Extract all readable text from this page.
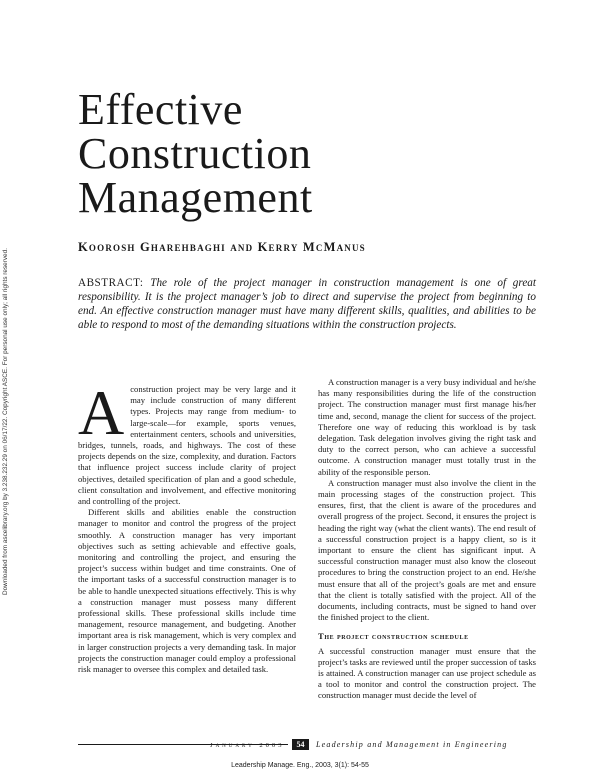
Effective
Construction
Management
Koorosh Gharehbaghi and Kerry McManus

ABSTRACT: The role of the project manager in construction management is one of great responsibility. It is the project manager’s job to direct and supervise the project from beginning to end. An effective construction manager must have many different skills, qualities, and abilities to be able to respond to most of the demanding situations within the construction projects.

Aconstruction project may be very large and it may include construction of many different types. Projects may range from medium- to large-scale—for example, sports venues, entertainment centers, schools and universities, bridges, tunnels, roads, and highways. The cost of these projects depends on the size, complexity, and duration. Factors that influence project success include clarity of project objectives, detailed specification of plan and a good schedule, client consultation and involvement, and effective monitoring and controlling of the project.

Different skills and abilities enable the construction manager to monitor and control the progress of the project smoothly. A construction manager has very important objectives such as setting achievable and effective goals, monitoring and controlling the project, and ensuring the project’s success within budget and time constraints. One of the important tasks of a successful construction manager is to be able to handle unexpected situations effectively. This is why a construction manager must possess many different professional skills. These professional skills include time management, resource management, and budgeting. Another important area is risk management, which is very complex and in larger construction projects a very demanding task. In major projects the construction manager could employ a professional risk manager to oversee this complex and detailed task.

A construction manager is a very busy individual and he/she has many responsibilities during the life of the construction project. The construction manager must first manage his/her time and, second, manage the client for success of the project. Therefore one way of reducing this workload is by task delegation. Task delegation involves giving the right task and duty to the correct person, who can achieve a successful outcome. A construction manager must totally trust in the ability of the responsible person.

A construction manager must also involve the client in the main processing stages of the construction project. This ensures, first, that the client is aware of the procedures and overall progress of the project. Second, it ensures the project is heading the right way (what the client wants). The end result of a successful construction project is a happy client, so is it important to ensure the client has significant input. A successful construction manager must also know the closeout procedures to bring the construction project to an end. He/she must ensure that all of the project’s goals are met and ensure that the client is totally satisfied with the project. All of the documents, including contracts, must be signed to hand over the finished project to the client.

The project construction schedule

A successful construction manager must ensure that the project’s tasks are reviewed until the proper succession of tasks is attained. A construction manager can use project schedule as a tool to monitor and control the construction project. The construction manager must decide the level of

Downloaded from ascelibrary.org by 3.238.232.29 on 06/17/22. Copyright ASCE. For personal use only; all rights reserved.
January 2003	54	Leadership and Management in Engineering
Leadership Manage. Eng., 2003, 3(1): 54-55
